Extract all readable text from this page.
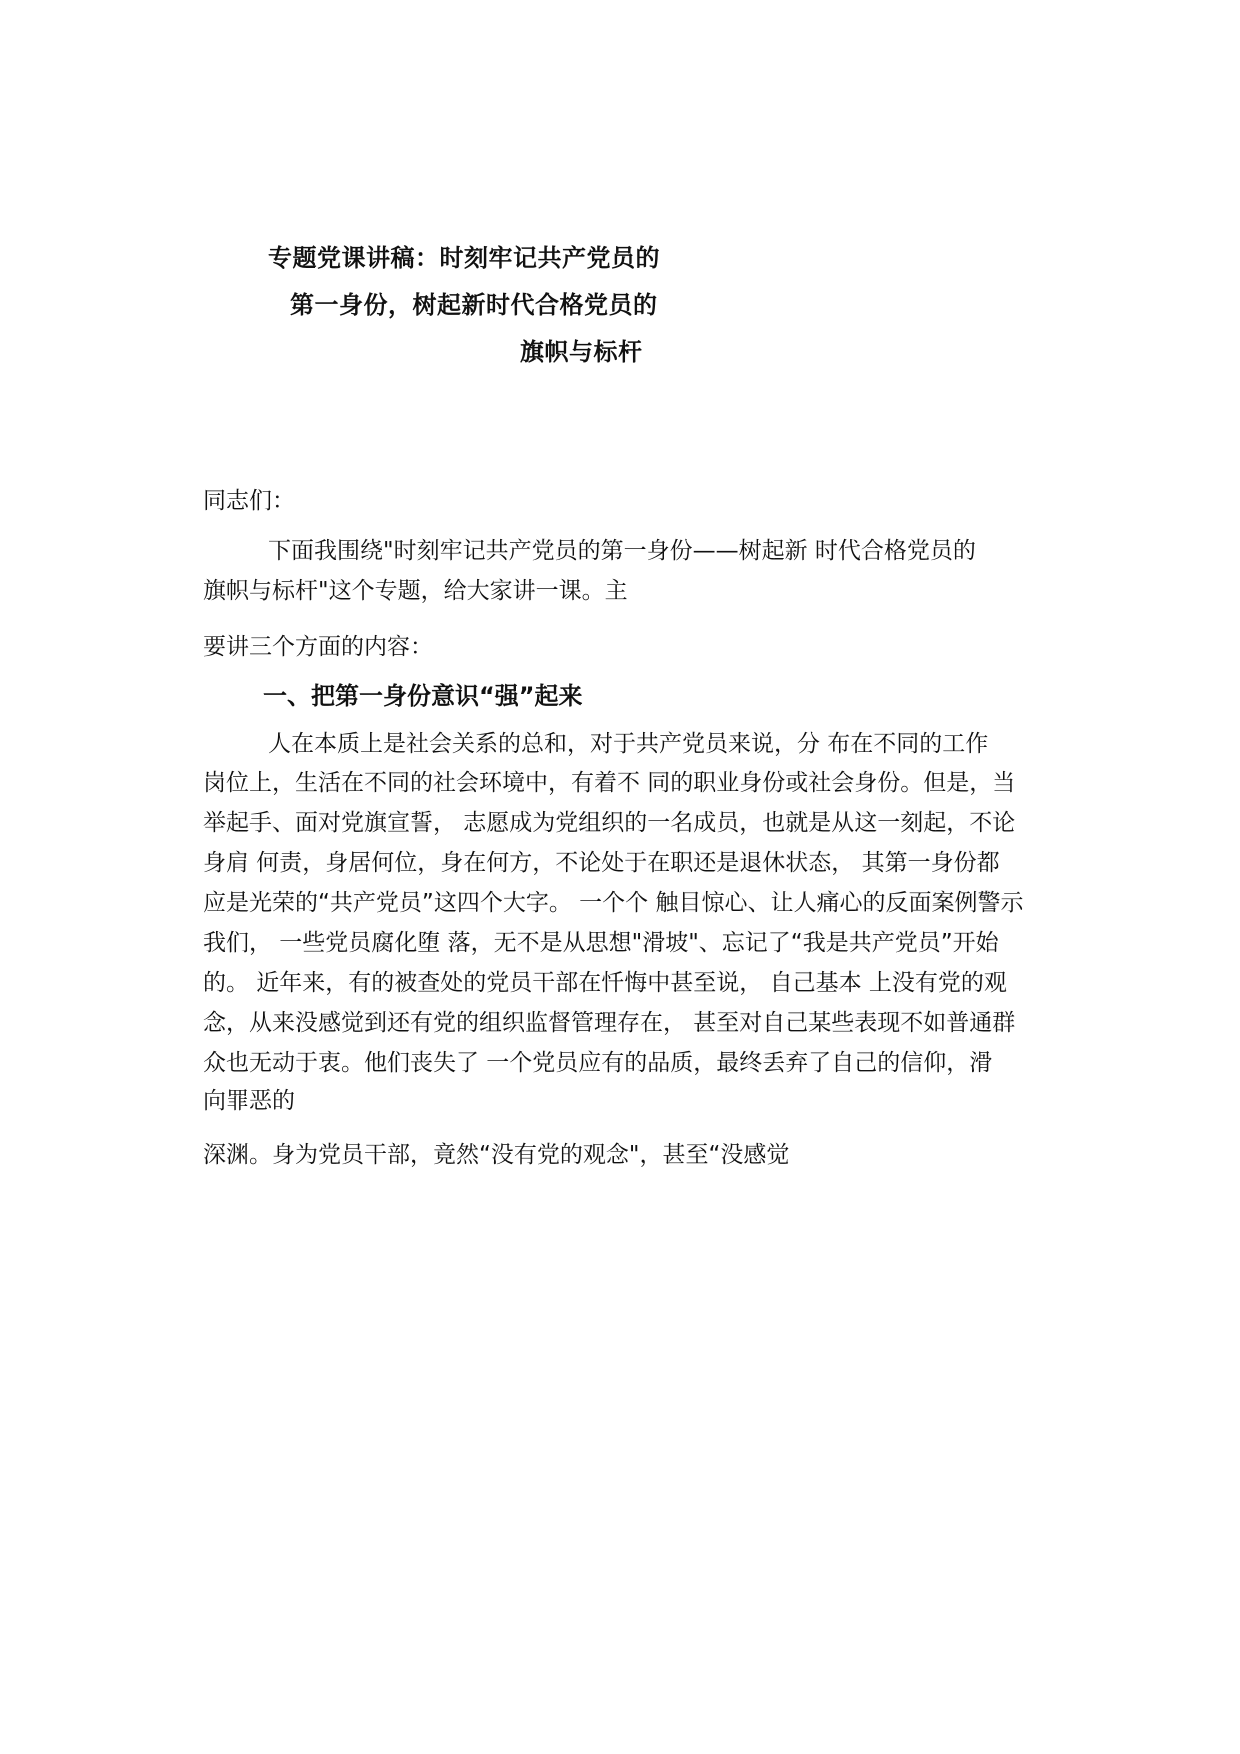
专题党课讲稿：时刻牢记共产党员的
第一身份，树起新时代合格党员的
旗帜与标杆
同志们：
下面我围绕"时刻牢记共产党员的第一身份——树起新 时代合格党员的
旗帜与标杆"这个专题，给大家讲一课。主
要讲三个方面的内容：
一、把第一身份意识“强”起来
人在本质上是社会关系的总和，对于共产党员来说，分 布在不同的工作
岗位上，生活在不同的社会环境中，有着不 同的职业身份或社会身份。但是，当
举起手、面对党旗宣誓， 志愿成为党组织的一名成员，也就是从这一刻起，不论
身肩 何责，身居何位，身在何方，不论处于在职还是退休状态， 其第一身份都
应是光荣的“共产党员”这四个大字。 一个个 触目惊心、让人痛心的反面案例警示
我们， 一些党员腐化堕 落，无不是从思想"滑坡"、忘记了“我是共产党员”开始
的。 近年来，有的被查处的党员干部在忏悔中甚至说， 自己基本 上没有党的观
念，从来没感觉到还有党的组织监督管理存在， 甚至对自己某些表现不如普通群
众也无动于衷。他们丧失了 一个党员应有的品质，最终丢弃了自己的信仰，滑
向罪恶的
深渊。身为党员干部，竟然“没有党的观念"，甚至“没感觉
